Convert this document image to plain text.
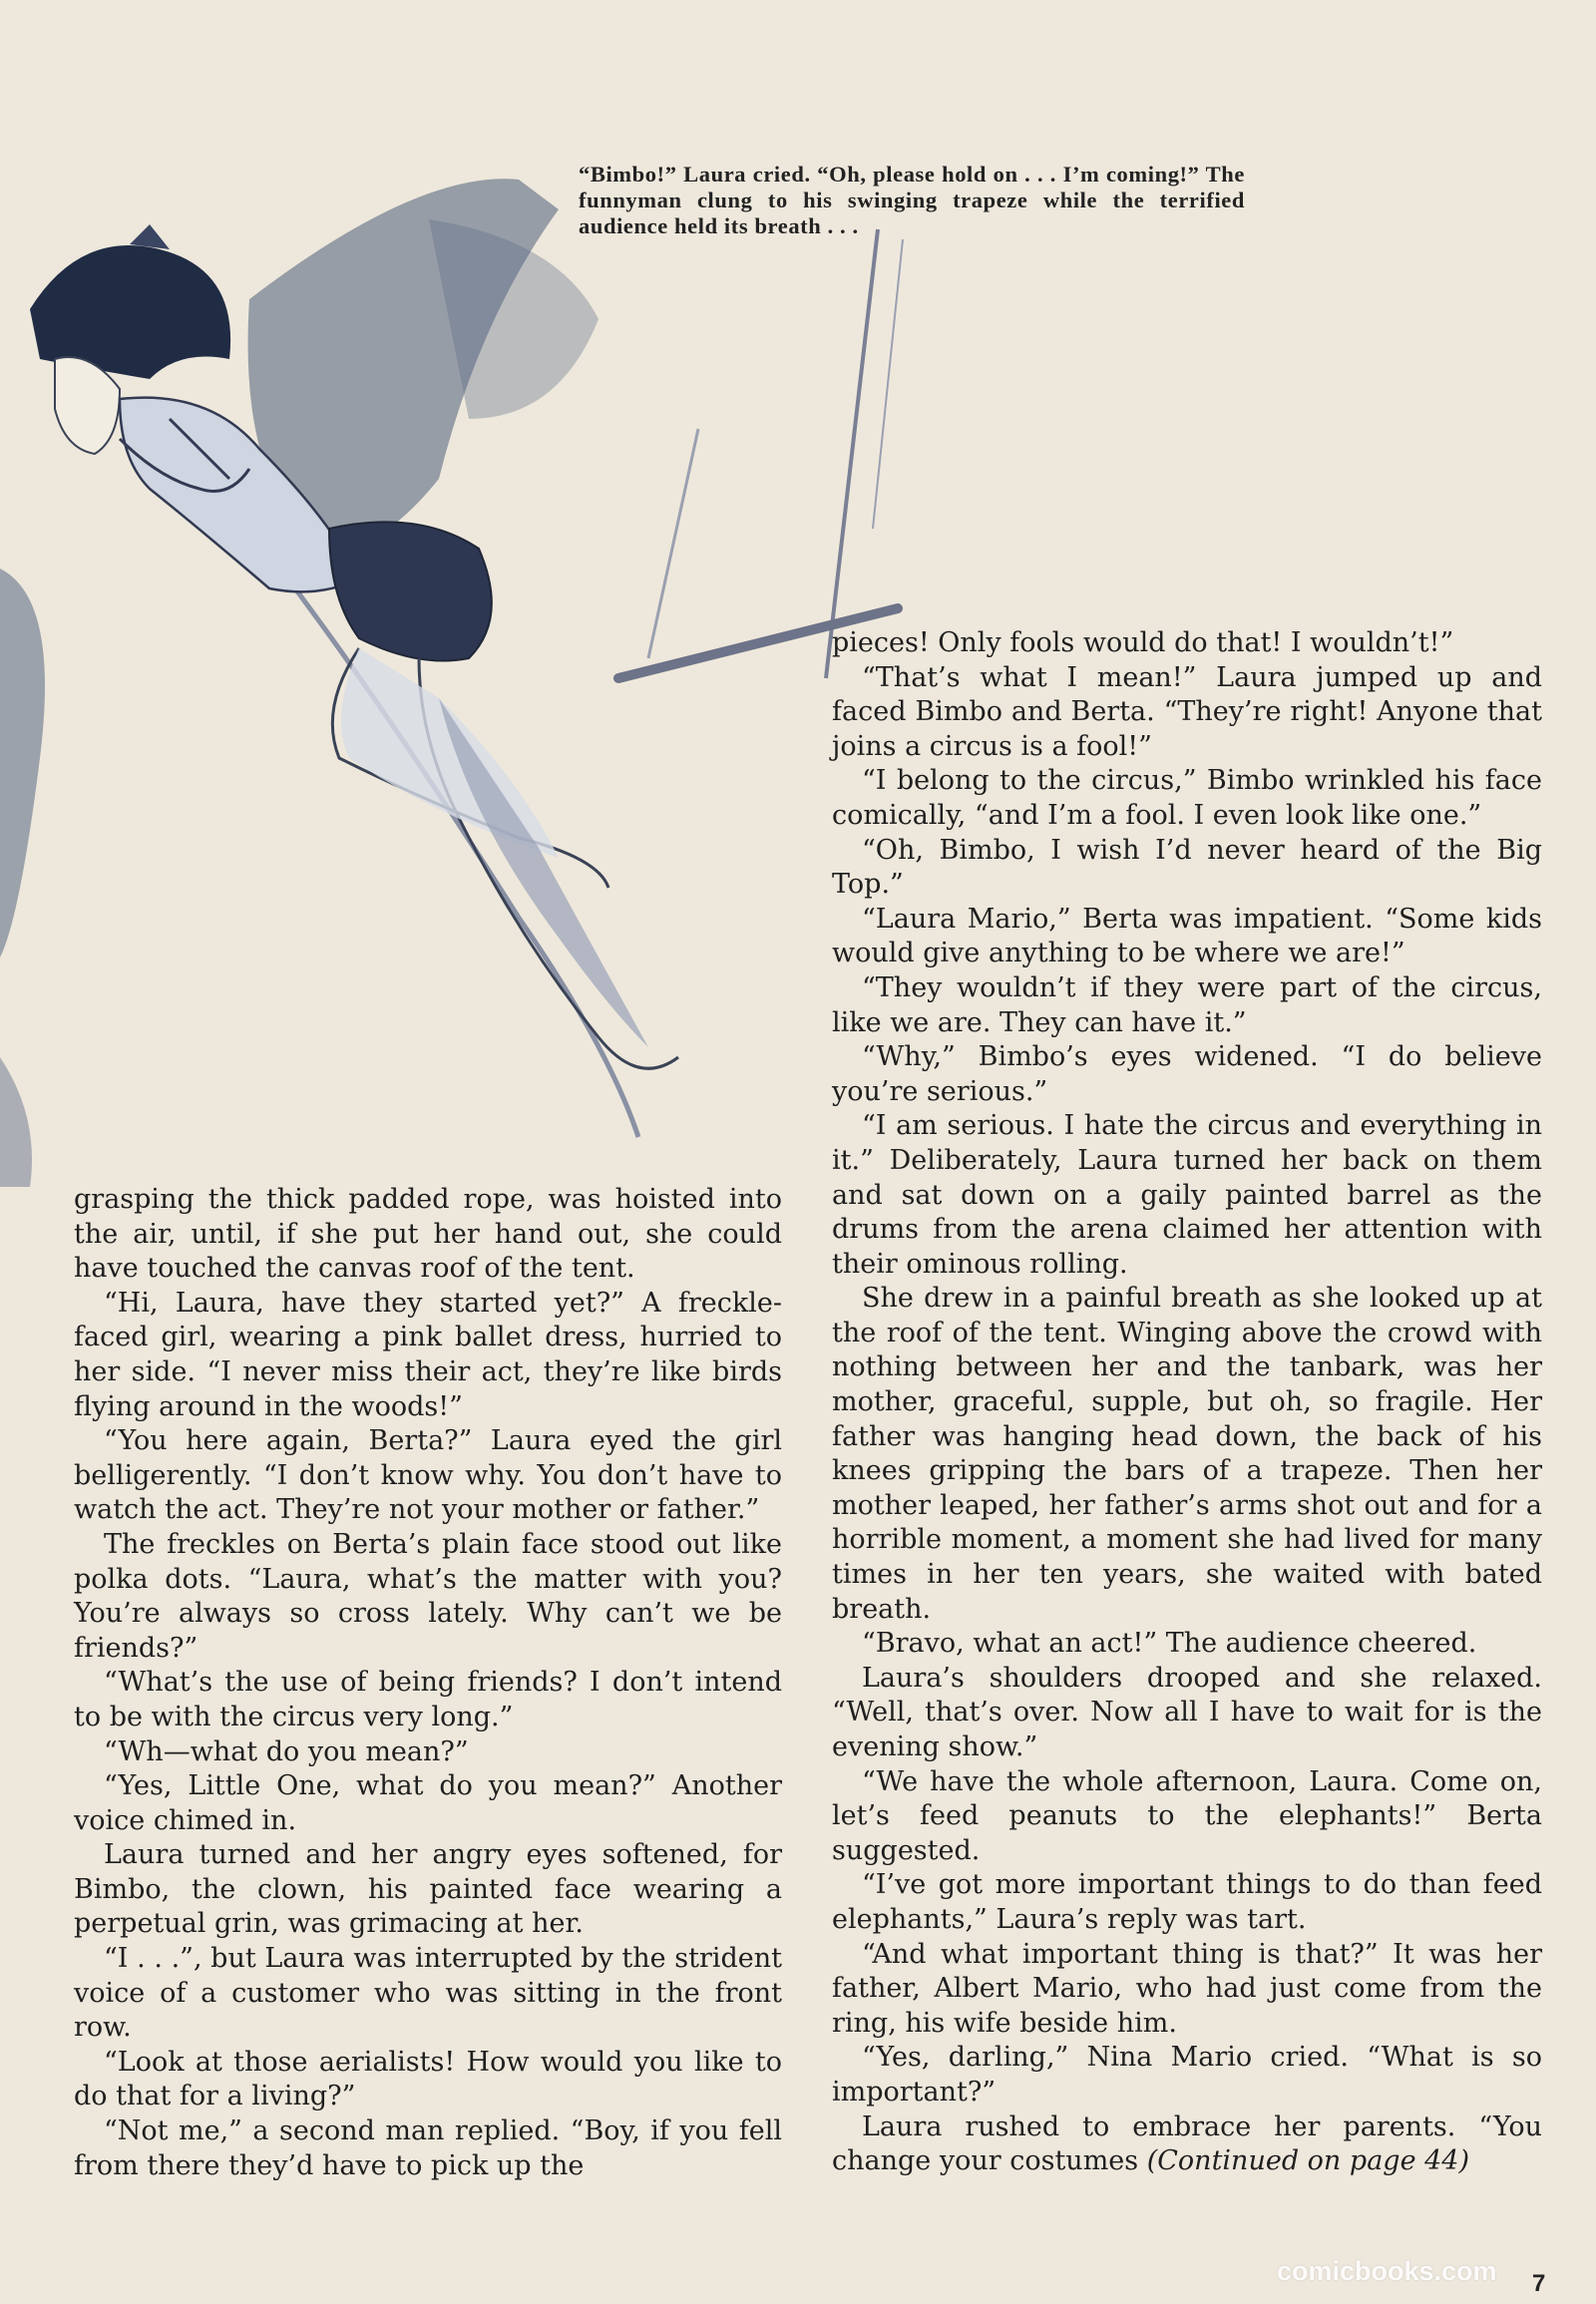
“Bimbo!” Laura cried. “Oh, please hold on . . . I’m coming!” The funnyman clung to his swinging trapeze while the terrified audience held its breath . . .

grasping the thick padded rope, was hoisted into the air, until, if she put her hand out, she could have touched the canvas roof of the tent.

“Hi, Laura, have they started yet?” A freckle-faced girl, wearing a pink ballet dress, hurried to her side. “I never miss their act, they’re like birds flying around in the woods!”

“You here again, Berta?” Laura eyed the girl belligerently. “I don’t know why. You don’t have to watch the act. They’re not your mother or father.”

The freckles on Berta’s plain face stood out like polka dots. “Laura, what’s the matter with you? You’re always so cross lately. Why can’t we be friends?”

“What’s the use of being friends? I don’t intend to be with the circus very long.”

“Wh—what do you mean?”

“Yes, Little One, what do you mean?” Another voice chimed in.

Laura turned and her angry eyes softened, for Bimbo, the clown, his painted face wearing a perpetual grin, was grimacing at her.

“I . . .”, but Laura was interrupted by the strident voice of a customer who was sitting in the front row.

“Look at those aerialists! How would you like to do that for a living?”

“Not me,” a second man replied. “Boy, if you fell from there they’d have to pick up the

pieces! Only fools would do that! I wouldn’t!”

“That’s what I mean!” Laura jumped up and faced Bimbo and Berta. “They’re right! Anyone that joins a circus is a fool!”

“I belong to the circus,” Bimbo wrinkled his face comically, “and I’m a fool. I even look like one.”

“Oh, Bimbo, I wish I’d never heard of the Big Top.”

“Laura Mario,” Berta was impatient. “Some kids would give anything to be where we are!”

“They wouldn’t if they were part of the circus, like we are. They can have it.”

“Why,” Bimbo’s eyes widened. “I do believe you’re serious.”

“I am serious. I hate the circus and everything in it.” Deliberately, Laura turned her back on them and sat down on a gaily painted barrel as the drums from the arena claimed her attention with their ominous rolling.

She drew in a painful breath as she looked up at the roof of the tent. Winging above the crowd with nothing between her and the tanbark, was her mother, graceful, supple, but oh, so fragile. Her father was hanging head down, the back of his knees gripping the bars of a trapeze. Then her mother leaped, her father’s arms shot out and for a horrible moment, a moment she had lived for many times in her ten years, she waited with bated breath.

“Bravo, what an act!” The audience cheered.

Laura’s shoulders drooped and she relaxed. “Well, that’s over. Now all I have to wait for is the evening show.”

“We have the whole afternoon, Laura. Come on, let’s feed peanuts to the elephants!” Berta suggested.

“I’ve got more important things to do than feed elephants,” Laura’s reply was tart.

“And what important thing is that?” It was her father, Albert Mario, who had just come from the ring, his wife beside him.

“Yes, darling,” Nina Mario cried. “What is so important?”

Laura rushed to embrace her parents. “You change your costumes (Continued on page 44)

7
comicbooks.com
